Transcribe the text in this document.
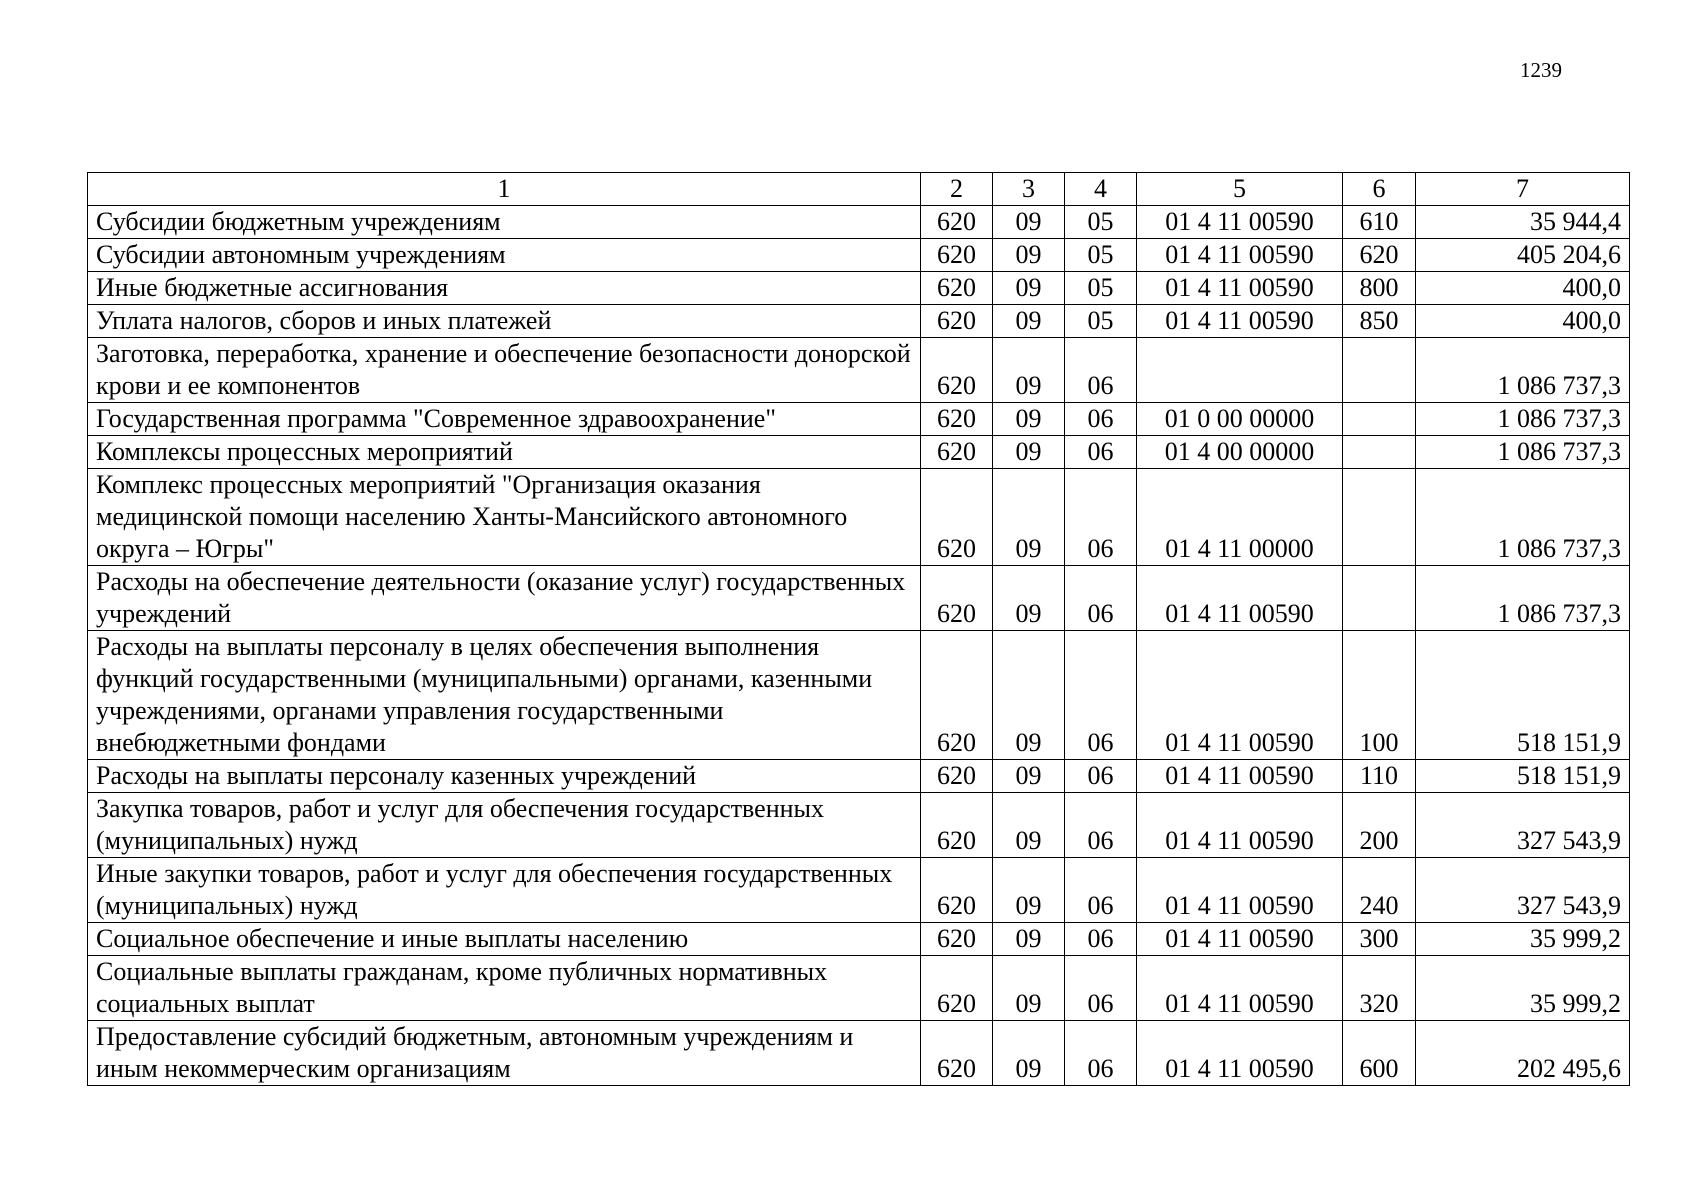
1239
1	2	3	4	5	6	7
Субсидии бюджетным учреждениям	620	09	05	01 4 11 00590	610	35 944,4
Субсидии автономным учреждениям	620	09	05	01 4 11 00590	620	405 204,6
Иные бюджетные ассигнования	620	09	05	01 4 11 00590	800	400,0
Уплата налогов, сборов и иных платежей	620	09	05	01 4 11 00590	850	400,0
Заготовка, переработка, хранение и обеспечение безопасности донорской крови и ее компонентов	620	09	06			1 086 737,3
Государственная программа "Современное здравоохранение"	620	09	06	01 0 00 00000		1 086 737,3
Комплексы процессных мероприятий	620	09	06	01 4 00 00000		1 086 737,3
Комплекс процессных мероприятий "Организация оказания медицинской помощи населению Ханты-Мансийского автономного округа – Югры"	620	09	06	01 4 11 00000		1 086 737,3
Расходы на обеспечение деятельности (оказание услуг) государственных учреждений	620	09	06	01 4 11 00590		1 086 737,3
Расходы на выплаты персоналу в целях обеспечения выполнения функций государственными (муниципальными) органами, казенными учреждениями, органами управления государственными внебюджетными фондами	620	09	06	01 4 11 00590	100	518 151,9
Расходы на выплаты персоналу казенных учреждений	620	09	06	01 4 11 00590	110	518 151,9
Закупка товаров, работ и услуг для обеспечения государственных (муниципальных) нужд	620	09	06	01 4 11 00590	200	327 543,9
Иные закупки товаров, работ и услуг для обеспечения государственных (муниципальных) нужд	620	09	06	01 4 11 00590	240	327 543,9
Социальное обеспечение и иные выплаты населению	620	09	06	01 4 11 00590	300	35 999,2
Социальные выплаты гражданам, кроме публичных нормативных социальных выплат	620	09	06	01 4 11 00590	320	35 999,2
Предоставление субсидий бюджетным, автономным учреждениям и иным некоммерческим организациям	620	09	06	01 4 11 00590	600	202 495,6
